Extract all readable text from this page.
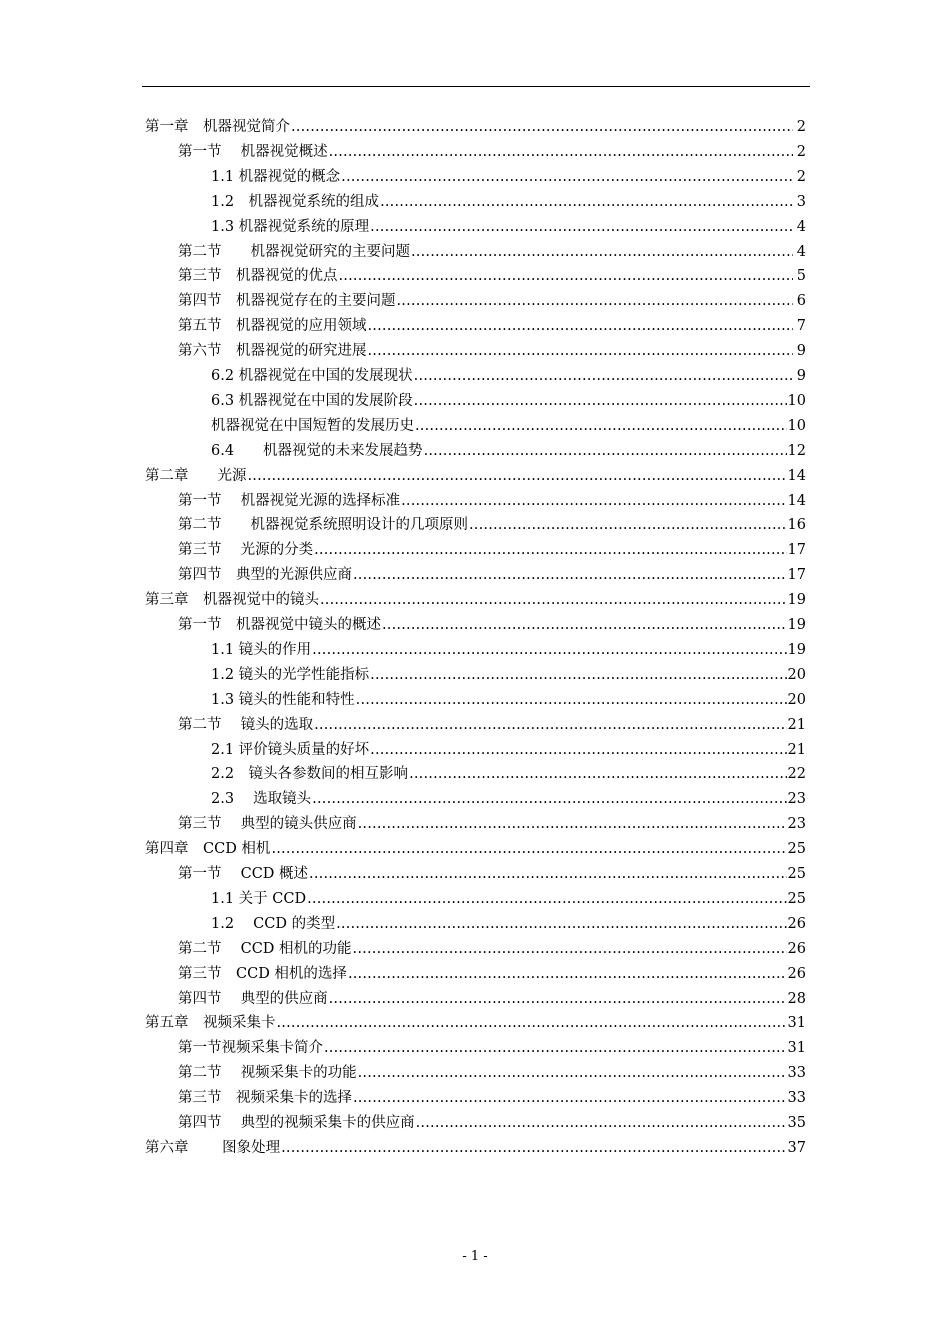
第一章　机器视觉简介 .....	2
第一节　 机器视觉概述 .....	2
1.1 机器视觉的概念 .....	2
1.2　机器视觉系统的组成 .....	3
1.3 机器视觉系统的原理 .....	4
第二节　　机器视觉研究的主要问题 .....	4
第三节　机器视觉的优点 .....	5
第四节　机器视觉存在的主要问题 .....	6
第五节　机器视觉的应用领域 .....	7
第六节　机器视觉的研究进展 .....	9
6.2 机器视觉在中国的发展现状 .....	9
6.3 机器视觉在中国的发展阶段 .....	10
机器视觉在中国短暂的发展历史 .....	10
6.4　　机器视觉的未来发展趋势 .....	12
第二章　　光源 .....	14
第一节　 机器视觉光源的选择标准 .....	14
第二节　　机器视觉系统照明设计的几项原则 .....	16
第三节　 光源的分类 .....	17
第四节　典型的光源供应商 .....	17
第三章　机器视觉中的镜头 .....	19
第一节　机器视觉中镜头的概述 .....	19
1.1 镜头的作用 .....	19
1.2 镜头的光学性能指标 .....	20
1.3 镜头的性能和特性 .....	20
第二节　 镜头的选取 .....	21
2.1 评价镜头质量的好坏 .....	21
2.2　镜头各参数间的相互影响 .....	22
2.3　 选取镜头 .....	23
第三节　 典型的镜头供应商 .....	23
第四章　CCD 相机 .....	25
第一节　 CCD 概述 .....	25
1.1 关于 CCD .....	25
1.2　 CCD 的类型 .....	26
第二节　 CCD 相机的功能 .....	26
第三节　CCD 相机的选择 .....	26
第四节　 典型的供应商 .....	28
第五章　视频采集卡 .....	31
第一节视频采集卡简介 .....	31
第二节　 视频采集卡的功能 .....	33
第三节　视频采集卡的选择 .....	33
第四节　 典型的视频采集卡的供应商 .....	35
第六章　　 图象处理 .....	37
- 1 -
